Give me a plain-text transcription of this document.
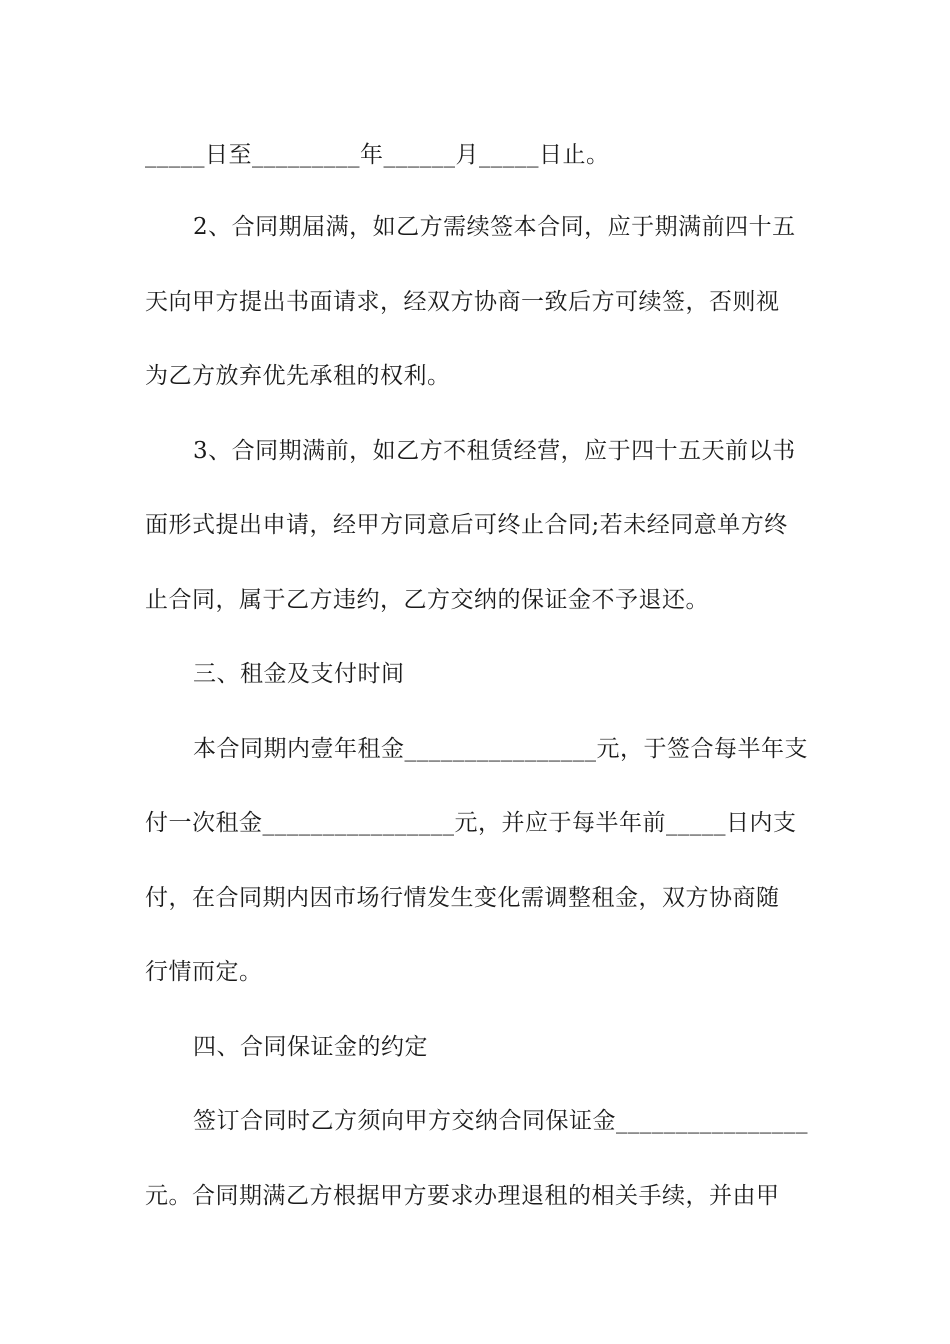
_____日至_________年______月_____日止。
2、合同期届满，如乙方需续签本合同，应于期满前四十五
天向甲方提出书面请求，经双方协商一致后方可续签，否则视
为乙方放弃优先承租的权利。
3、合同期满前，如乙方不租赁经营，应于四十五天前以书
面形式提出申请，经甲方同意后可终止合同;若未经同意单方终
止合同，属于乙方违约，乙方交纳的保证金不予退还。
三、租金及支付时间
本合同期内壹年租金________________元，于签合每半年支
付一次租金________________元，并应于每半年前_____日内支
付，在合同期内因市场行情发生变化需调整租金，双方协商随
行情而定。
四、合同保证金的约定
签订合同时乙方须向甲方交纳合同保证金________________
元。合同期满乙方根据甲方要求办理退租的相关手续，并由甲
